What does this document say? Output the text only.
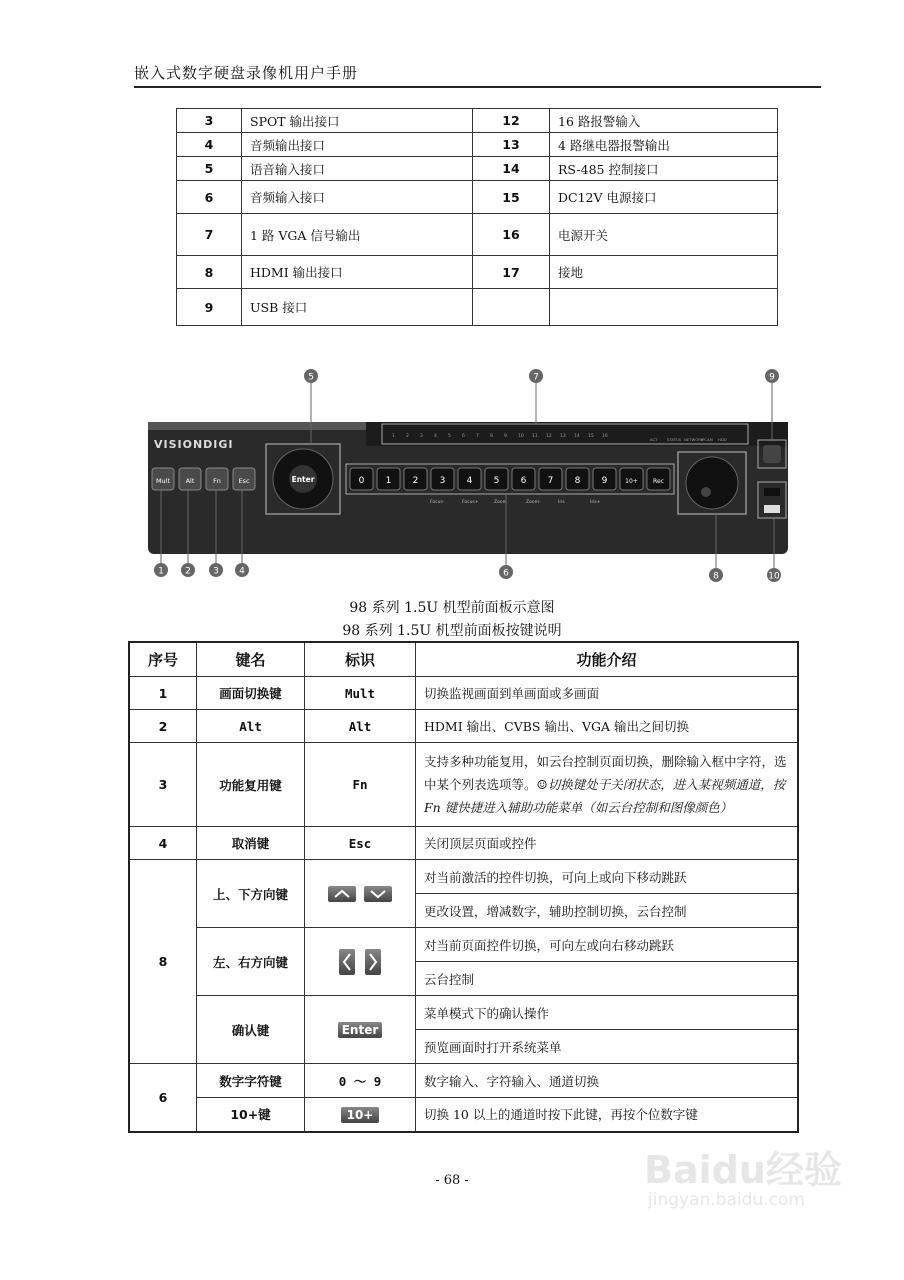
嵌入式数字硬盘录像机用户手册
3	SPOT 输出接口	12	16 路报警输入
4	音频输出接口	13	4 路继电器报警输出
5	语音输入接口	14	RS-485 控制接口
6	音频输入接口	15	DC12V 电源接口
7	1 路 VGA 信号输出	16	电源开关
8	HDMI 输出接口	17	接地
9	USB 接口		
VISIONDIGI
Mult Alt	Fn	Esc	Enter	0 1 2 3 4 5 6 7 8 9	10+	Rec
Focus-	Focus+	Zoom	Zoom-	Iris	Iris+
1 2 3 4 5 6 7 8 9 10 11 12 13 14 15 16
ACT STATUS NETWORK
IPCAM HDD
1 2 3 4
5
6
7
8
9
10
98 系列 1.5U 机型前面板示意图
98 系列 1.5U 机型前面板按键说明
序号	键名	标识	功能介绍
1	画面切换键	Mult	切换监视画面到单画面或多画面
2	Alt	Alt	HDMI 输出、CVBS 输出、VGA 输出之间切换
3	功能复用键	Fn	支持多种功能复用，如云台控制页面切换，删除输入框中字符，选中某个列表选项等。☺切换键处于关闭状态，进入某视频通道，按 Fn 键快捷进入辅助功能菜单（如云台控制和图像颜色）
4	取消键	Esc	关闭顶层页面或控件
8	上、下方向键		对当前激活的控件切换，可向上或向下移动跳跃
			更改设置，增减数字，辅助控制切换，云台控制
	左、右方向键		对当前页面控件切换，可向左或向右移动跳跃
			云台控制
	确认键	Enter	菜单模式下的确认操作
			预览画面时打开系统菜单
6	数字字符键	0 ～ 9	数字输入、字符输入、通道切换
	10+键	10+	切换 10 以上的通道时按下此键，再按个位数字键
- 68 -	Baidu经验
jingyan.baidu.com
